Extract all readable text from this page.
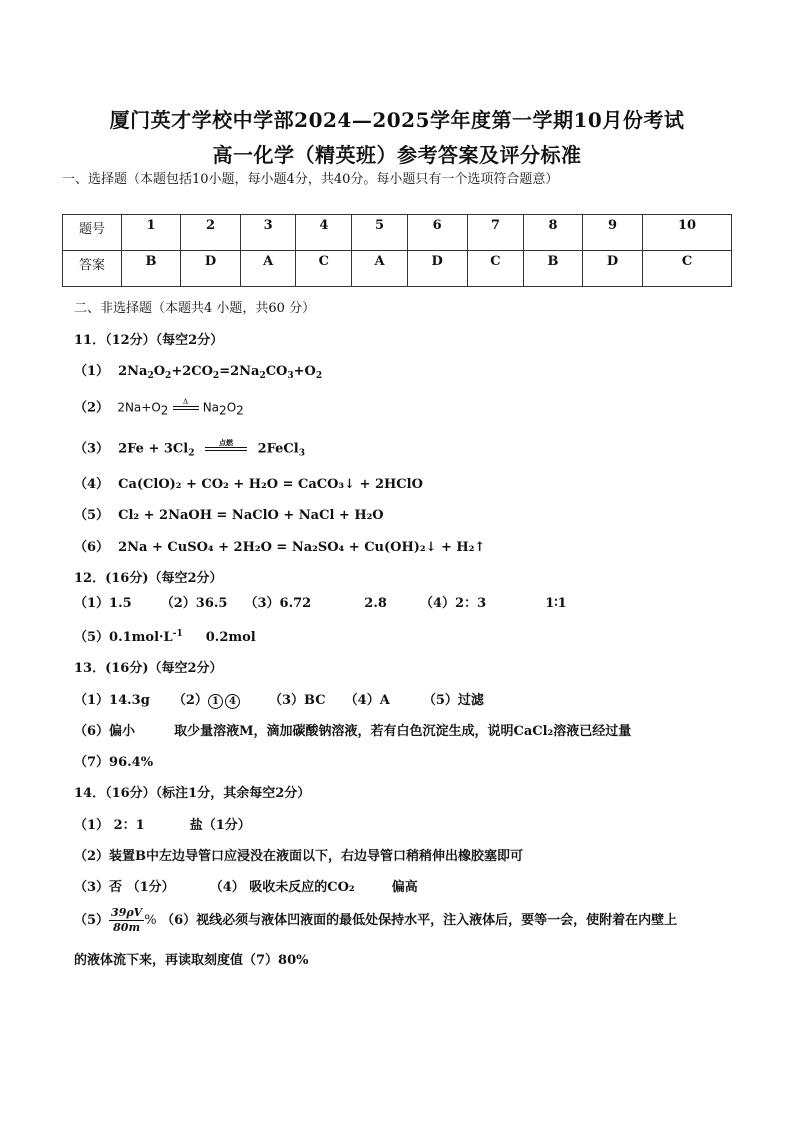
厦门英才学校中学部2024—2025学年度第一学期10月份考试
高一化学（精英班）参考答案及评分标准
一、选择题（本题包括10小题，每小题4分，共40分。每小题只有一个选项符合题意）
题号	1	2	3	4	5	6	7	8	9	10
答案	B	D	A	C	A	D	C	B	D	C
二、非选择题（本题共4 小题，共60 分）
11．（12分）（每空2分）
（1）  $2Na_2O_2+2CO_2=2Na_2CO_3+O_2$
（2） $2Na+O_2$
Δ
	$Na_2O_2$
（3） $2Fe + 3Cl_2$
点燃
	2FeCl$_3$
（4） Ca(ClO)₂ + CO₂ + H₂O = CaCO₃↓ + 2HClO
（5） Cl₂ + 2NaOH = NaClO + NaCl + H₂O
（6） 2Na + CuSO₄ + 2H₂O = Na₂SO₄ + Cu(OH)₂↓ + H₂↑
12．(16分)（每空2分）
（1）1.5 （2）36.5 （3）6.72	2.8	（4）2：3	1∶1
$(5)0.1mol\cdot L^{-1}$ 0.2mol
13．(16分)（每空2分）
（1）14.3g （2） 1 4	（3）BC （4）A	（5）过滤
（6）偏小	取少量溶液M，滴加碳酸钠溶液，若有白色沉淀生成，说明CaCl₂溶液已经过量
（7）96.4%
14．（16分）（标注1分，其余每空2分）
（1） 2：1	盐（1分）
（2）装置B中左边导管口应浸没在液面以下，右边导管口稍稍伸出橡胶塞即可
（3）否 （1分）	（4） 吸收未反应的CO₂	偏高
$(5) \frac{39\rho V}{80m}$ % （6）视线必须与液体凹液面的最低处保持水平，注入液体后，要等一会，使附着在内壁上
的液体流下来，再读取刻度值（7）80%
